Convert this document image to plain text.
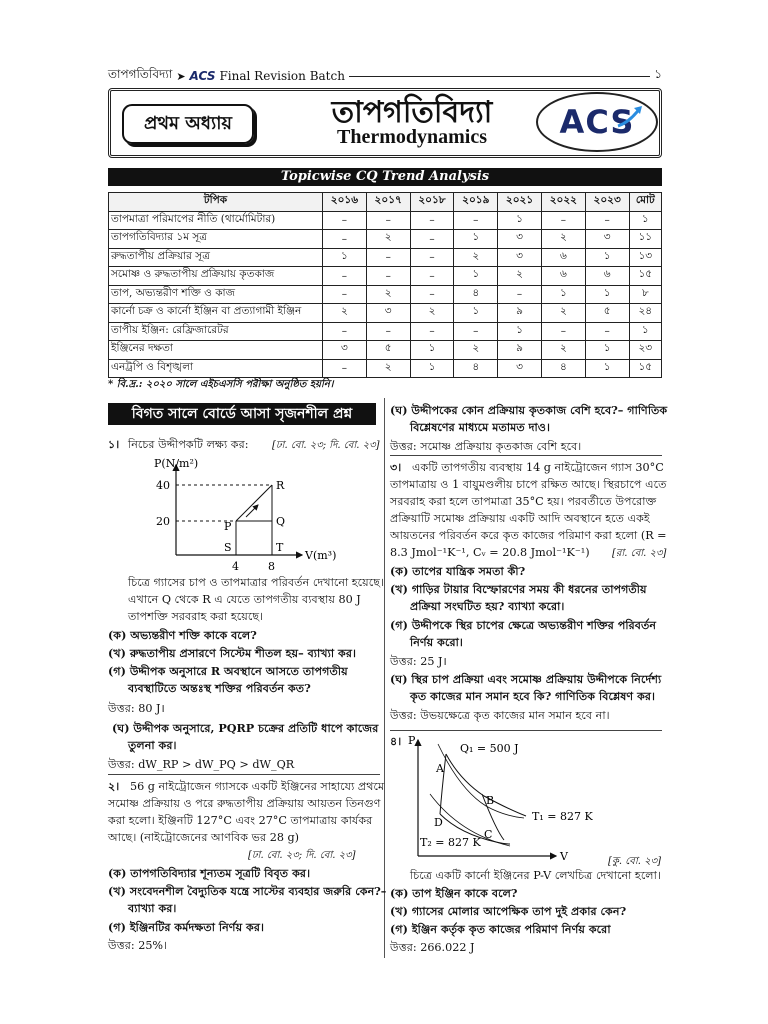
তাপগতিবিদ্যা ➤ ACS Final Revision Batch	১
প্রথম অধ্যায়	তাপগতিবিদ্যা
Thermodynamics	ACS
Topicwise CQ Trend Analysis
টপিক	২০১৬	২০১৭	২০১৮	২০১৯	২০২১	২০২২	২০২৩	মোট
তাপমাত্রা পরিমাপের নীতি (থার্মোমিটার)	–	–	–	–	১	–	–	১
তাপগতিবিদ্যার ১ম সূত্র	–	২	–	১	৩	২	৩	১১
রুদ্ধতাপীয় প্রক্রিয়ার সূত্র	১	–	–	২	৩	৬	১	১৩
সমোষ্ণ ও রুদ্ধতাপীয় প্রক্রিয়ায় কৃতকাজ	–	–	–	১	২	৬	৬	১৫
তাপ, অভ্যন্তরীণ শক্তি ও কাজ	–	২	–	৪	–	১	১	৮
কার্নো চক্র ও কার্নো ইঞ্জিন বা প্রত্যাগামী ইঞ্জিন	২	৩	২	১	৯	২	৫	২৪
তাপীয় ইঞ্জিন: রেফ্রিজারেটর	–	–	–	–	১	–	–	১
ইঞ্জিনের দক্ষতা	৩	৫	১	২	৯	২	১	২৩
এনট্রপি ও বিশৃঙ্খলা	–	২	১	৪	৩	৪	১	১৫
* বি.দ্র.: ২০২০ সালে এইচএসসি পরীক্ষা অনুষ্ঠিত হয়নি।
বিগত সালে বোর্ডে আসা সৃজনশীল প্রশ্ন
১। নিচের উদ্দীপকটি লক্ষ্য কর: [ঢা. বো. ২৩; দি. বো. ২৩]
P(N/m²)
V(m³)
40
20
4	8
R
P	Q
S	T
চিত্রে গ্যাসের চাপ ও তাপমাত্রার পরিবর্তন দেখানো হয়েছে।
এখানে Q থেকে R এ যেতে তাপগতীয় ব্যবস্থায় 80 J
তাপশক্তি সরবরাহ করা হয়েছে।
(ক) অভ্যন্তরীণ শক্তি কাকে বলে?
(খ) রুদ্ধতাপীয় প্রসারণে সিস্টেম শীতল হয়– ব্যাখ্যা কর।
(গ) উদ্দীপক অনুসারে R অবস্থানে আসতে তাপগতীয়
ব্যবস্থাটিতে অন্তঃস্থ শক্তির পরিবর্তন কত?
উত্তর: 80 J।
(ঘ) উদ্দীপক অনুসারে, PQRP চক্রের প্রতিটি ধাপে কাজের
তুলনা কর।
উত্তর: dW_RP > dW_PQ > dW_QR
২। 56 g নাইট্রোজেন গ্যাসকে একটি ইঞ্জিনের সাহায্যে প্রথমে
সমোষ্ণ প্রক্রিয়ায় ও পরে রুদ্ধতাপীয় প্রক্রিয়ায় আয়তন তিনগুণ
করা হলো। ইঞ্জিনটি 127°C এবং 27°C তাপমাত্রায় কার্যকর
আছে। (নাইট্রোজেনের আণবিক ভর 28 g)
[ঢা. বো. ২৩; দি. বো. ২৩]
(ক) তাপগতিবিদ্যার শূন্যতম সূত্রটি বিবৃত কর।
(খ) সংবেদনশীল বৈদ্যুতিক যন্ত্রে সাস্টের ব্যবহার জরুরি কেন?–
ব্যাখ্যা কর।
(গ) ইঞ্জিনটির কর্মদক্ষতা নির্ণয় কর।
উত্তর: 25%।
(ঘ) উদ্দীপকের কোন প্রক্রিয়ায় কৃতকাজ বেশি হবে?– গাণিতিক
বিশ্লেষণের মাধ্যমে মতামত দাও।
উত্তর: সমোষ্ণ প্রক্রিয়ায় কৃতকাজ বেশি হবে।
৩। একটি তাপগতীয় ব্যবস্থায় 14 g নাইট্রোজেন গ্যাস 30°C
তাপমাত্রায় ও 1 বায়ুমণ্ডলীয় চাপে রক্ষিত আছে। স্থিরচাপে এতে
সরবরাহ করা হলে তাপমাত্রা 35°C হয়। পরবর্তীতে উপরোক্ত
প্রক্রিয়াটি সমোষ্ণ প্রক্রিয়ায় একটি আদি অবস্থানে হতে একই
আয়তনের পরিবর্তন করে কৃত কাজের পরিমাণ করা হলো (R =
8.3 Jmol⁻¹K⁻¹, Cᵥ = 20.8 Jmol⁻¹K⁻¹) [রা. বো. ২৩]
(ক) তাপের যান্ত্রিক সমতা কী?
(খ) গাড়ির টায়ার বিস্ফোরণের সময় কী ধরনের তাপগতীয়
প্রক্রিয়া সংঘটিত হয়? ব্যাখ্যা করো।
(গ) উদ্দীপকে স্থির চাপের ক্ষেত্রে অভ্যন্তরীণ শক্তির পরিবর্তন
নির্ণয় করো।
উত্তর: 25 J।
(ঘ) স্থির চাপ প্রক্রিয়া এবং সমোষ্ণ প্রক্রিয়ায় উদ্দীপকে নির্দেশ্য
কৃত কাজের মান সমান হবে কি? গাণিতিক বিশ্লেষণ কর।
উত্তর: উভয়ক্ষেত্রে কৃত কাজের মান সমান হবে না।
৪। P
V
Q₁ = 500 J
T₁ = 827 K
T₂ = 827 K
A
B
C
D
[কু. বো. ২৩]
চিত্রে একটি কার্নো ইঞ্জিনের P-V লেখচিত্র দেখানো হলো।
(ক) তাপ ইঞ্জিন কাকে বলে?
(খ) গ্যাসের মোলার আপেক্ষিক তাপ দুই প্রকার কেন?
(গ) ইঞ্জিন কর্তৃক কৃত কাজের পরিমাণ নির্ণয় করো
উত্তর: 266.022 J
